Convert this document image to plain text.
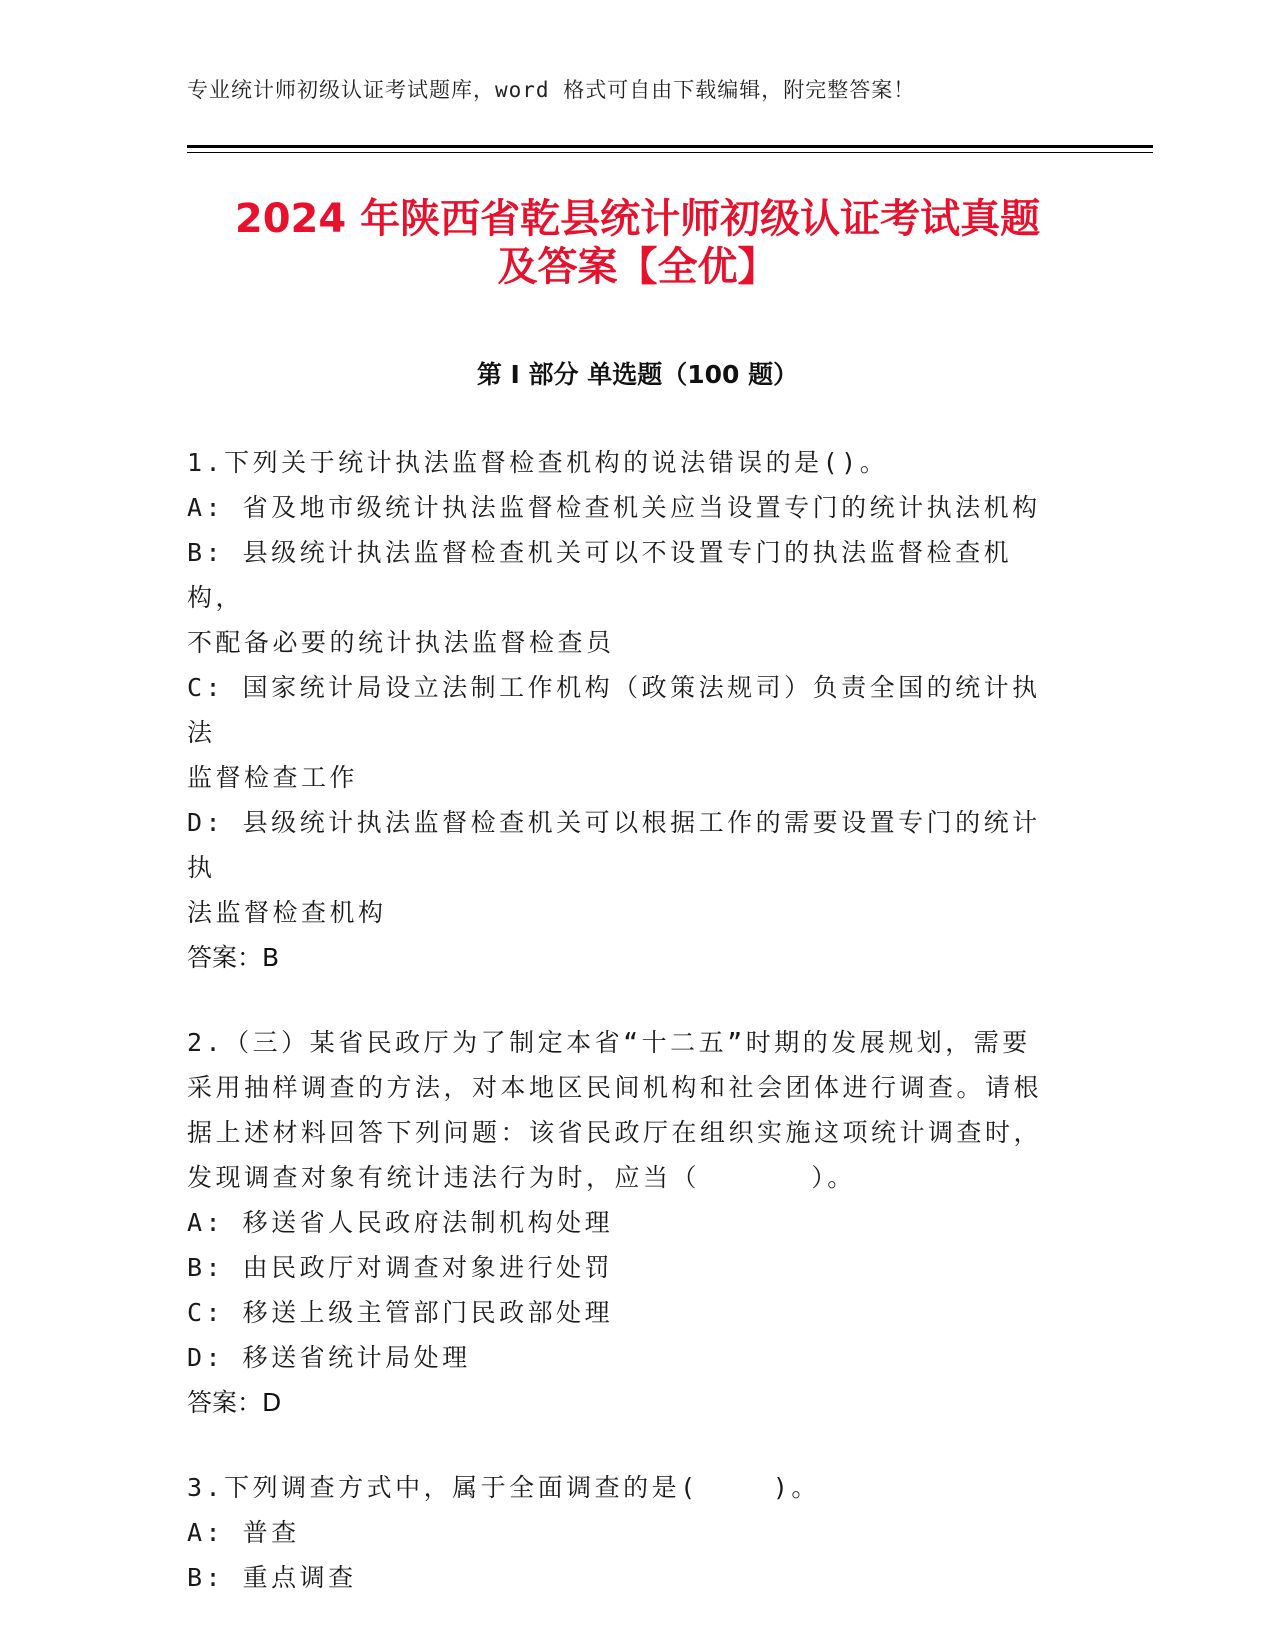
专业统计师初级认证考试题库，word 格式可自由下载编辑，附完整答案！
2024 年陕西省乾县统计师初级认证考试真题
及答案【全优】
第 I 部分 单选题（100 题）
1.下列关于统计执法监督检查机构的说法错误的是()。
A: 省及地市级统计执法监督检查机关应当设置专门的统计执法机构
B: 县级统计执法监督检查机关可以不设置专门的执法监督检查机构，
不配备必要的统计执法监督检查员
C: 国家统计局设立法制工作机构（政策法规司）负责全国的统计执法
监督检查工作
D: 县级统计执法监督检查机关可以根据工作的需要设置专门的统计执
法监督检查机构
答案：B
2.（三）某省民政厅为了制定本省“十二五”时期的发展规划，需要
采用抽样调查的方法，对本地区民间机构和社会团体进行调查。请根
据上述材料回答下列问题：该省民政厅在组织实施这项统计调查时，
发现调查对象有统计违法行为时，应当（      ）。
A: 移送省人民政府法制机构处理
B: 由民政厅对调查对象进行处罚
C: 移送上级主管部门民政部处理
D: 移送省统计局处理
答案：D
3.下列调查方式中，属于全面调查的是(    )。
A: 普查
B: 重点调查
